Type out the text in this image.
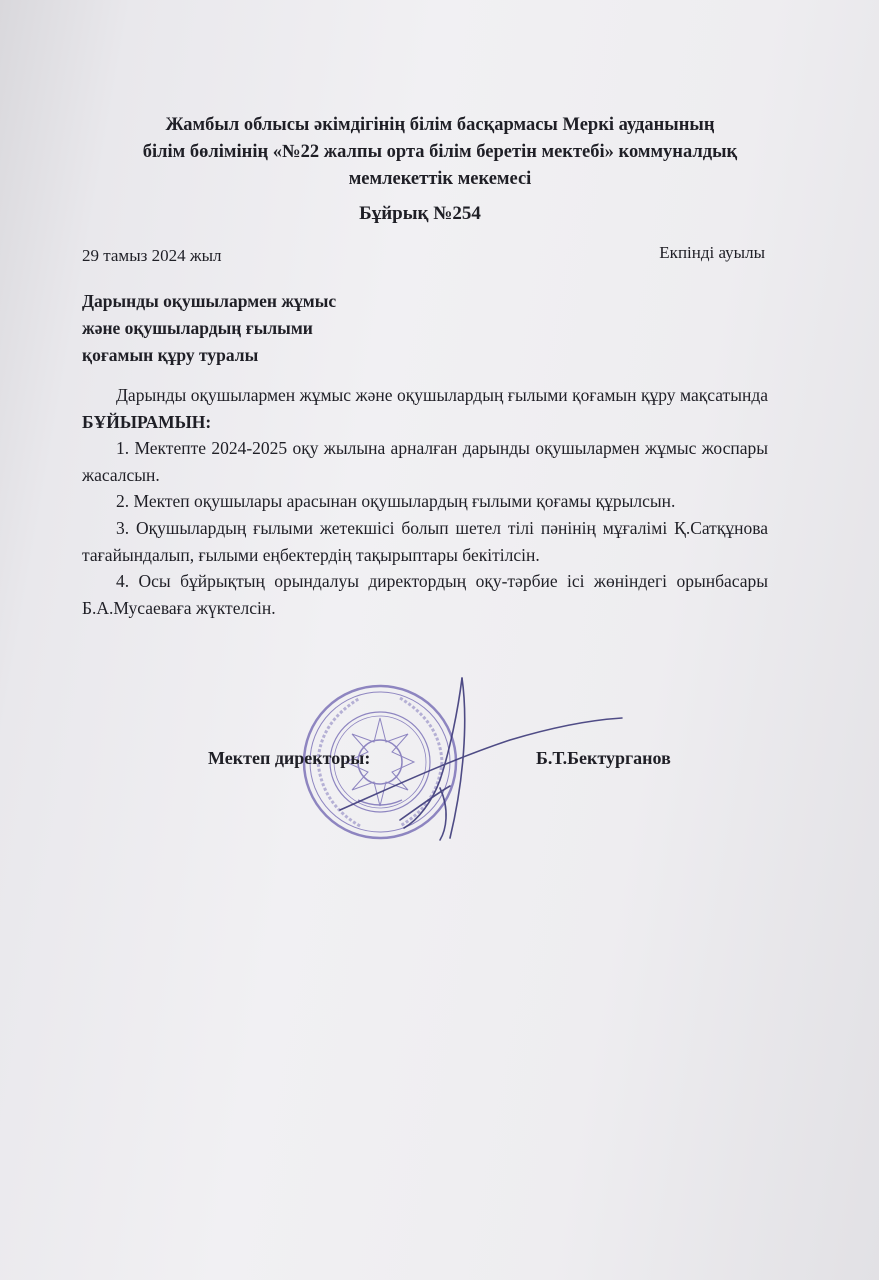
Жамбыл облысы әкімдігінің білім басқармасы Меркі ауданының
білім бөлімінің «№22 жалпы орта білім беретін мектебі» коммуналдық
мемлекеттік мекемесі
Бұйрық №254
29 тамыз 2024 жыл	Екпінді ауылы
Дарынды оқушылармен жұмыс
және оқушылардың ғылыми
қоғамын құру туралы

Дарынды оқушылармен жұмыс және оқушылардың ғылыми қоғамын құру мақсатында БҰЙЫРАМЫН:

1. Мектепте 2024-2025 оқу жылына арналған дарынды оқушылармен жұмыс жоспары жасалсын.

2. Мектеп оқушылары арасынан оқушылардың ғылыми қоғамы құрылсын.

3. Оқушылардың ғылыми жетекшісі болып шетел тілі пәнінің мұғалімі Қ.Сатқұнова тағайындалып, ғылыми еңбектердің тақырыптары бекітілсін.

4. Осы бұйрықтың орындалуы директордың оқу-тәрбие ісі жөніндегі орынбасары Б.А.Мусаеваға жүктелсін.

Мектеп директоры:	Б.Т.Бектурганов
